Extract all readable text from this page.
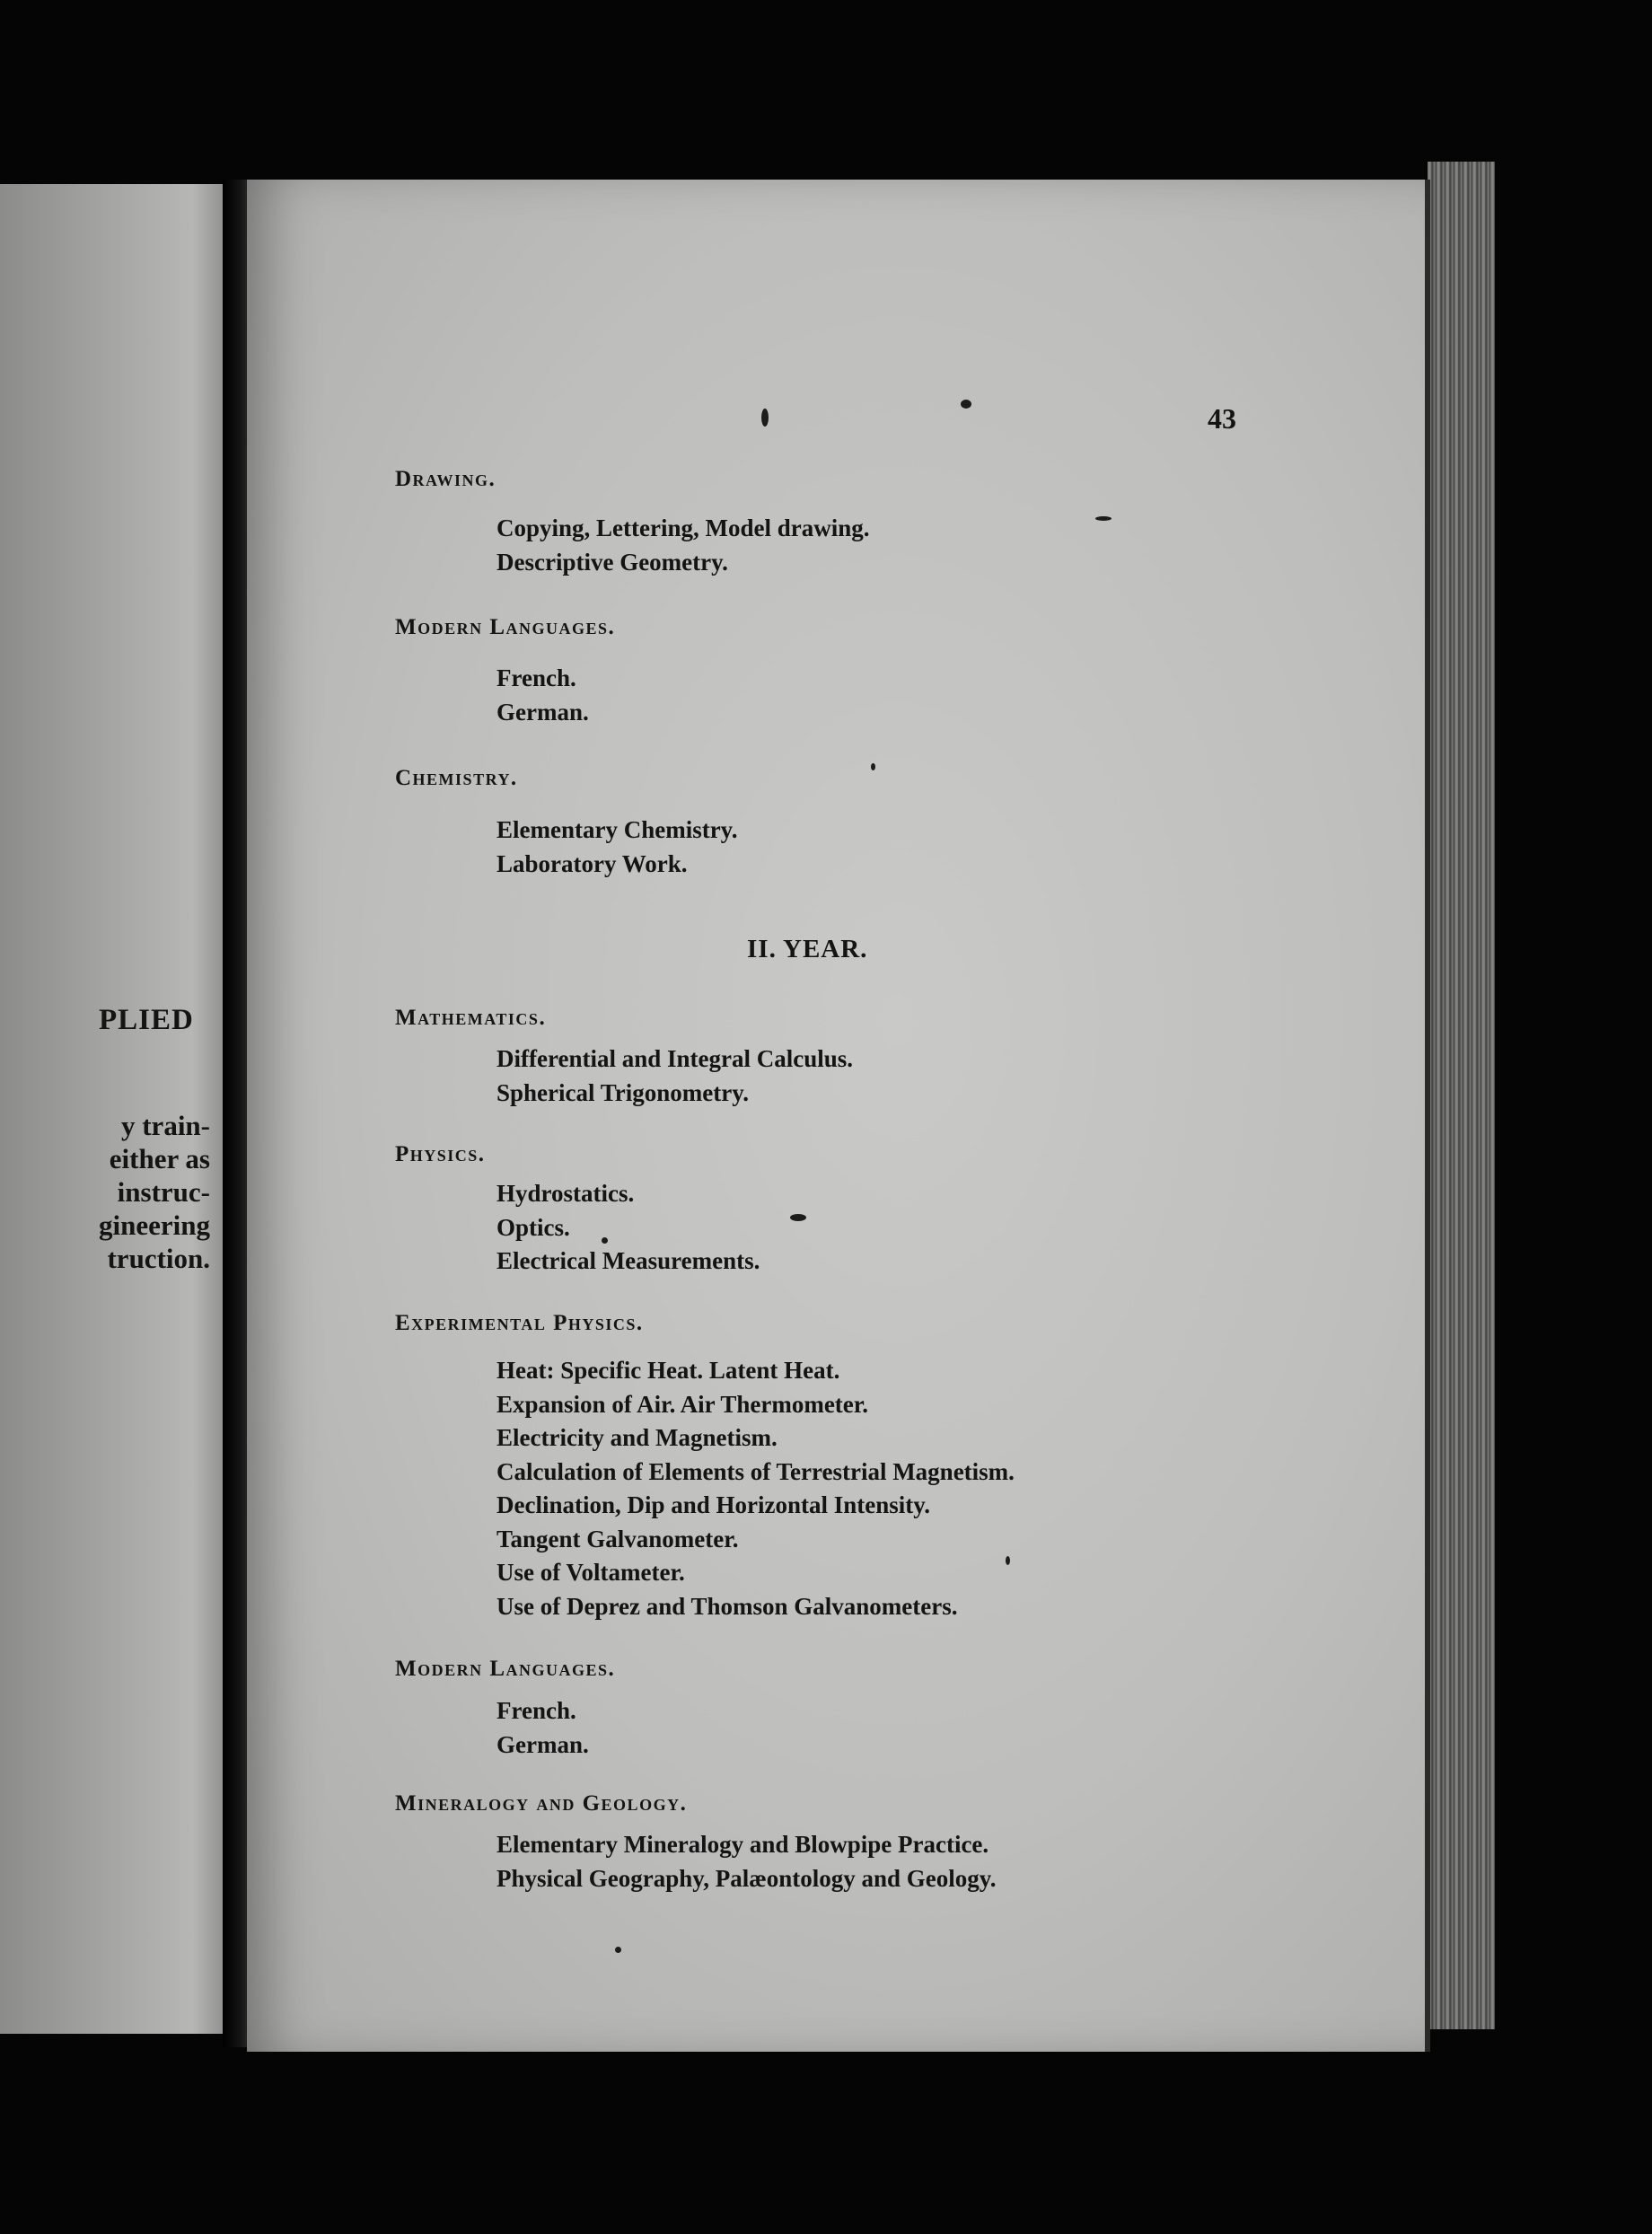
PLIED

y train-
either as
instruc-
gineering
truction.

43
Drawing.
Copying, Lettering, Model drawing.
Descriptive Geometry.
Modern Languages.
French.
German.
Chemistry.
Elementary Chemistry.
Laboratory Work.
II. YEAR.
Mathematics.
Differential and Integral Calculus.
Spherical Trigonometry.
Physics.
Hydrostatics.
Optics.
Electrical Measurements.
Experimental Physics.
Heat: Specific Heat. Latent Heat.
Expansion of Air. Air Thermometer.
Electricity and Magnetism.
Calculation of Elements of Terrestrial Magnetism.
Declination, Dip and Horizontal Intensity.
Tangent Galvanometer.
Use of Voltameter.
Use of Deprez and Thomson Galvanometers.
Modern Languages.
French.
German.
Mineralogy and Geology.
Elementary Mineralogy and Blowpipe Practice.
Physical Geography, Palæontology and Geology.
